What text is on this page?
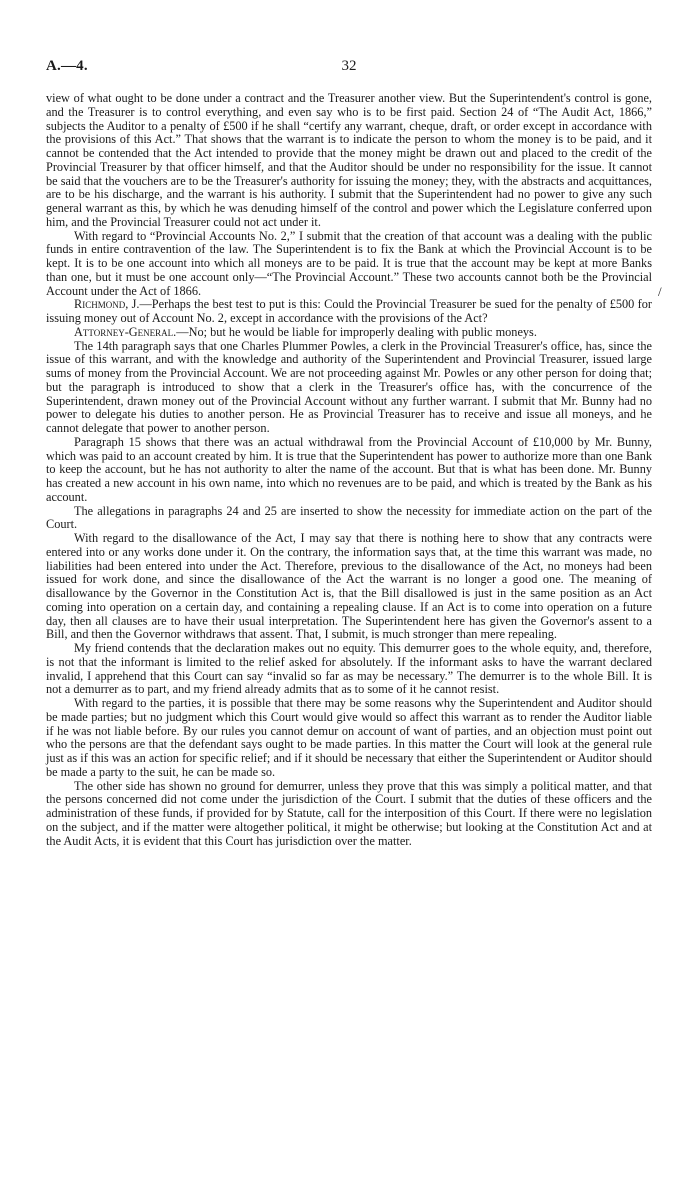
A.—4.	32
/

view of what ought to be done under a contract and the Treasurer another view. But the Superintendent's control is gone, and the Treasurer is to control everything, and even say who is to be first paid. Section 24 of “The Audit Act, 1866,” subjects the Auditor to a penalty of £500 if he shall “certify any warrant, cheque, draft, or order except in accordance with the provisions of this Act.” That shows that the warrant is to indicate the person to whom the money is to be paid, and it cannot be contended that the Act intended to provide that the money might be drawn out and placed to the credit of the Provincial Treasurer by that officer himself, and that the Auditor should be under no responsibility for the issue. It cannot be said that the vouchers are to be the Treasurer's authority for issuing the money; they, with the abstracts and acquittances, are to be his discharge, and the warrant is his authority. I submit that the Superintendent had no power to give any such general warrant as this, by which he was denuding himself of the control and power which the Legislature conferred upon him, and the Provincial Treasurer could not act under it.

With regard to “Provincial Accounts No. 2,” I submit that the creation of that account was a dealing with the public funds in entire contravention of the law. The Superintendent is to fix the Bank at which the Provincial Account is to be kept. It is to be one account into which all moneys are to be paid. It is true that the account may be kept at more Banks than one, but it must be one account only—“The Provincial Account.” These two accounts cannot both be the Provincial Account under the Act of 1866.

Richmond, J.—Perhaps the best test to put is this: Could the Provincial Treasurer be sued for the penalty of £500 for issuing money out of Account No. 2, except in accordance with the provisions of the Act?

Attorney-General.—No; but he would be liable for improperly dealing with public moneys.

The 14th paragraph says that one Charles Plummer Powles, a clerk in the Provincial Treasurer's office, has, since the issue of this warrant, and with the knowledge and authority of the Superintendent and Provincial Treasurer, issued large sums of money from the Provincial Account. We are not proceeding against Mr. Powles or any other person for doing that; but the paragraph is introduced to show that a clerk in the Treasurer's office has, with the concurrence of the Superintendent, drawn money out of the Provincial Account without any further warrant. I submit that Mr. Bunny had no power to delegate his duties to another person. He as Provincial Treasurer has to receive and issue all moneys, and he cannot delegate that power to another person.

Paragraph 15 shows that there was an actual withdrawal from the Provincial Account of £10,000 by Mr. Bunny, which was paid to an account created by him. It is true that the Superintendent has power to authorize more than one Bank to keep the account, but he has not authority to alter the name of the account. But that is what has been done. Mr. Bunny has created a new account in his own name, into which no revenues are to be paid, and which is treated by the Bank as his account.

The allegations in paragraphs 24 and 25 are inserted to show the necessity for immediate action on the part of the Court.

With regard to the disallowance of the Act, I may say that there is nothing here to show that any contracts were entered into or any works done under it. On the contrary, the information says that, at the time this warrant was made, no liabilities had been entered into under the Act. Therefore, previous to the disallowance of the Act, no moneys had been issued for work done, and since the disallowance of the Act the warrant is no longer a good one. The meaning of disallowance by the Governor in the Constitution Act is, that the Bill disallowed is just in the same position as an Act coming into operation on a certain day, and containing a repealing clause. If an Act is to come into operation on a future day, then all clauses are to have their usual interpretation. The Superintendent here has given the Governor's assent to a Bill, and then the Governor withdraws that assent. That, I submit, is much stronger than mere repealing.

My friend contends that the declaration makes out no equity. This demurrer goes to the whole equity, and, therefore, is not that the informant is limited to the relief asked for absolutely. If the informant asks to have the warrant declared invalid, I apprehend that this Court can say “invalid so far as may be necessary.” The demurrer is to the whole Bill. It is not a demurrer as to part, and my friend already admits that as to some of it he cannot resist.

With regard to the parties, it is possible that there may be some reasons why the Superintendent and Auditor should be made parties; but no judgment which this Court would give would so affect this warrant as to render the Auditor liable if he was not liable before. By our rules you cannot demur on account of want of parties, and an objection must point out who the persons are that the defendant says ought to be made parties. In this matter the Court will look at the general rule just as if this was an action for specific relief; and if it should be necessary that either the Superintendent or Auditor should be made a party to the suit, he can be made so.

The other side has shown no ground for demurrer, unless they prove that this was simply a political matter, and that the persons concerned did not come under the jurisdiction of the Court. I submit that the duties of these officers and the administration of these funds, if provided for by Statute, call for the interposition of this Court. If there were no legislation on the subject, and if the matter were altogether political, it might be otherwise; but looking at the Constitution Act and at the Audit Acts, it is evident that this Court has jurisdiction over the matter.
